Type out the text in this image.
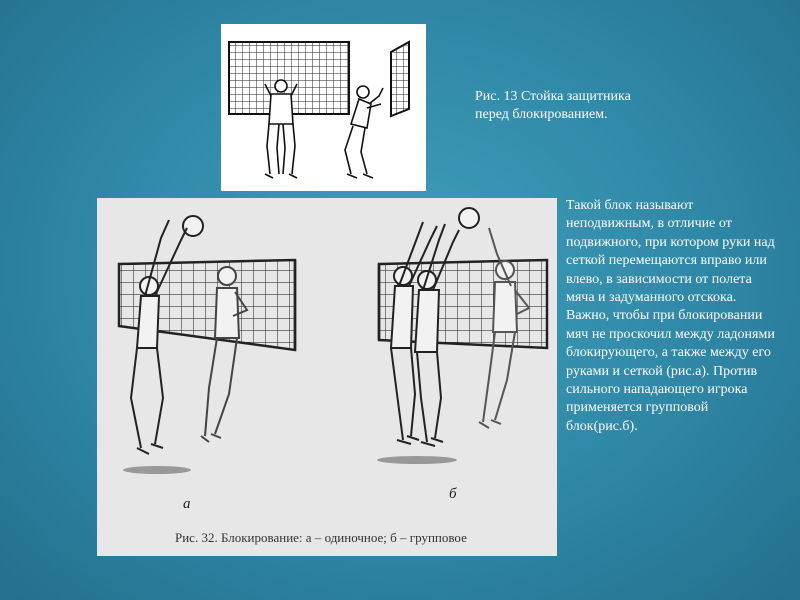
Рис. 13 Стойка защитника
перед блокированием.
а
б
Рис. 32. Блокирование: а – одиночное; б – групповое
Такой блок называют неподвижным, в отличие от подвижного, при котором руки над сеткой перемещаются вправо или влево, в зависимости от полета мяча и задуманного отскока. Важно, чтобы при блокировании мяч не проскочил между ладонями блокирующего, а также между его руками и сеткой (рис.а). Против сильного нападающего игрока применяется групповой блок(рис.б).
